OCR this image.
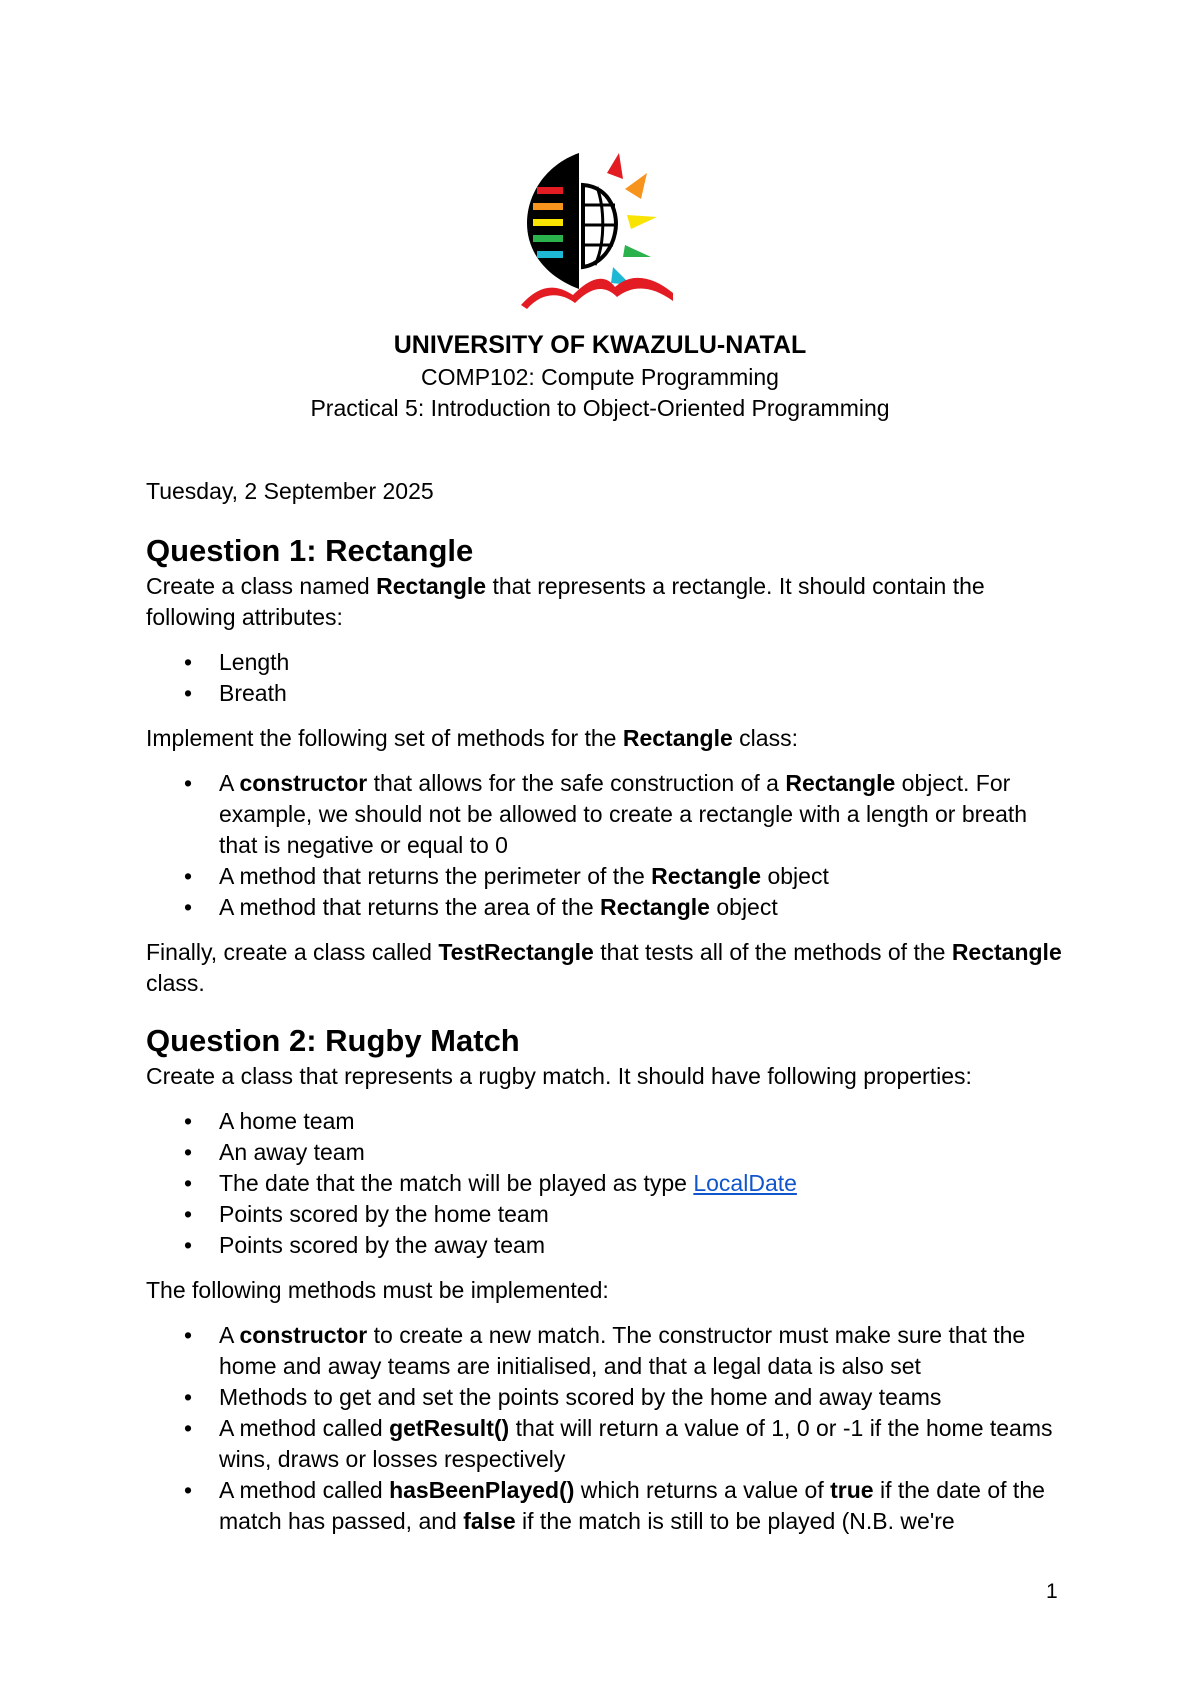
UNIVERSITY OF KWAZULU-NATAL
COMP102: Compute Programming
Practical 5: Introduction to Object-Oriented Programming

Tuesday, 2 September 2025

Question 1: Rectangle

Create a class named Rectangle that represents a rectangle. It should contain the following attributes:

• Length
• Breath

Implement the following set of methods for the Rectangle class:

• A constructor that allows for the safe construction of a Rectangle object. For example, we should not be allowed to create a rectangle with a length or breath that is negative or equal to 0
• A method that returns the perimeter of the Rectangle object
• A method that returns the area of the Rectangle object

Finally, create a class called TestRectangle that tests all of the methods of the Rectangle class.

Question 2: Rugby Match

Create a class that represents a rugby match. It should have following properties:

• A home team
• An away team
• The date that the match will be played as type LocalDate
• Points scored by the home team
• Points scored by the away team

The following methods must be implemented:

• A constructor to create a new match. The constructor must make sure that the home and away teams are initialised, and that a legal data is also set
• Methods to get and set the points scored by the home and away teams
• A method called getResult() that will return a value of 1, 0 or -1 if the home teams wins, draws or losses respectively
• A method called hasBeenPlayed() which returns a value of true if the date of the match has passed, and false if the match is still to be played (N.B. we're
1
